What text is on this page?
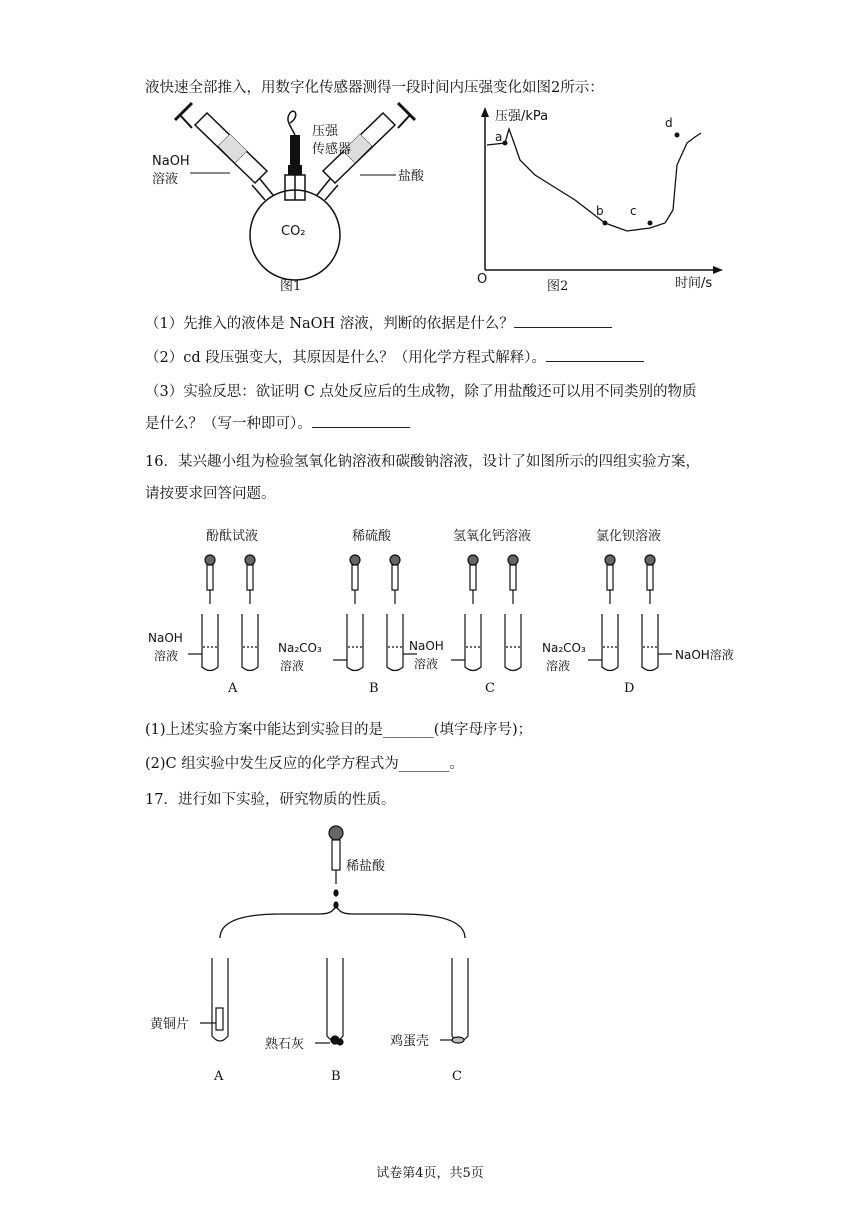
液快速全部推入，用数字化传感器测得一段时间内压强变化如图2所示：
NaOH
溶液
压强
传感器
盐酸
CO₂
图1
压强/kPa
时间/s
O	图2
a
b c
d
（1）先推入的液体是 NaOH 溶液，判断的依据是什么？
（2）cd 段压强变大，其原因是什么？（用化学方程式解释）。
（3）实验反思：欲证明 C 点处反应后的生成物，除了用盐酸还可以用不同类别的物质
是什么？（写一种即可）。
16．某兴趣小组为检验氢氧化钠溶液和碳酸钠溶液，设计了如图所示的四组实验方案，
请按要求回答问题。
酚酞试液	稀硫酸	氢氧化钙溶液	氯化钡溶液
NaOH
溶液
Na₂CO₃
溶液
NaOH
溶液
Na₂CO₃
溶液
NaOH溶液
A	B	C	D
(1)上述实验方案中能达到实验目的是_______(填字母序号)；
(2)C 组实验中发生反应的化学方程式为_______。
17．进行如下实验，研究物质的性质。
稀盐酸
黄铜片
熟石灰	鸡蛋壳
A	B	C
试卷第4页，共5页
